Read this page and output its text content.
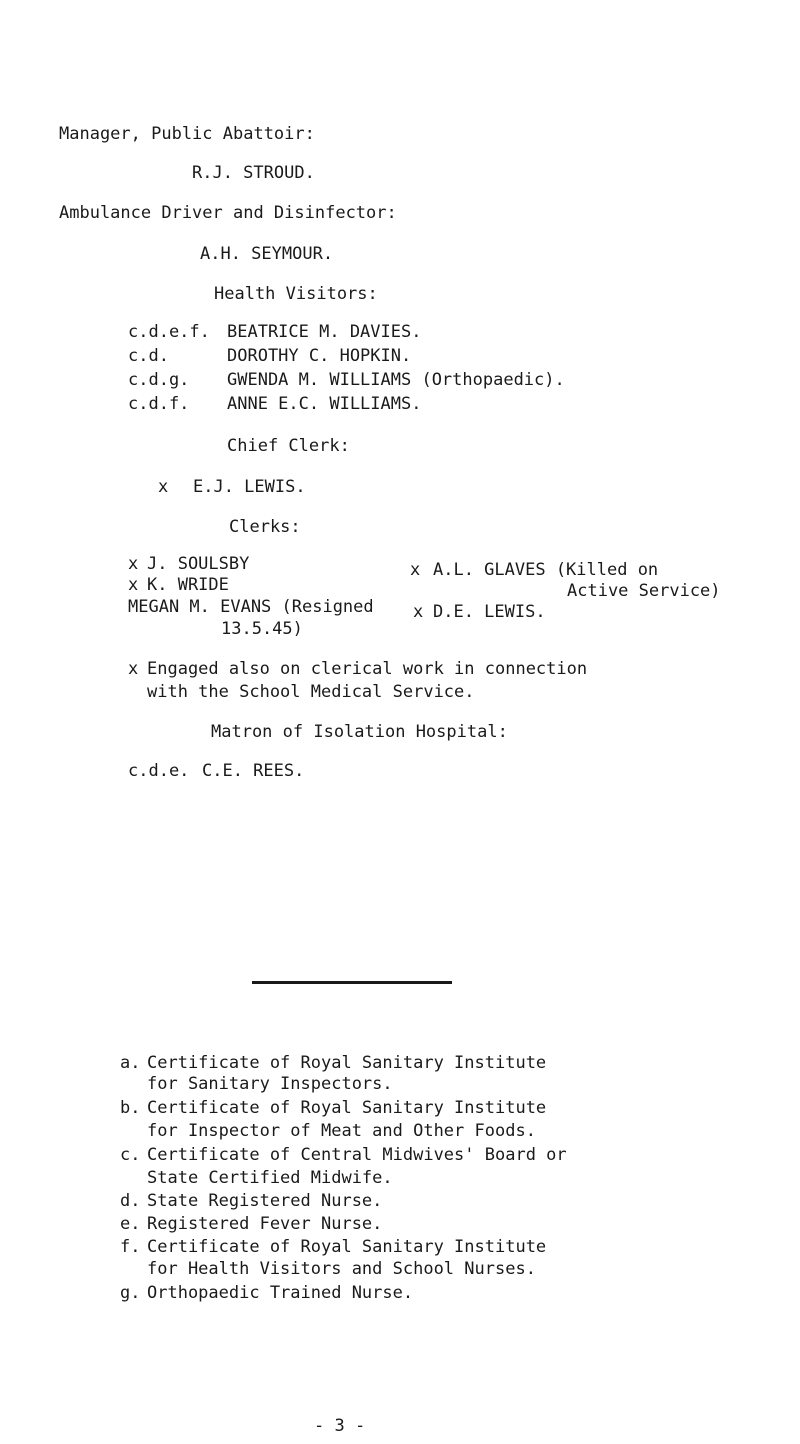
Manager, Public Abattoir:
R.J. STROUD.
Ambulance Driver and Disinfector:
A.H. SEYMOUR.
Health Visitors:
c.d.e.f. BEATRICE M. DAVIES.
c.d.	DOROTHY C. HOPKIN.
c.d.g. GWENDA M. WILLIAMS (Orthopaedic).
c.d.f. ANNE E.C. WILLIAMS.
Chief Clerk:
x E.J. LEWIS.
Clerks:
x J. SOULSBY
x K. WRIDE
MEGAN M. EVANS (Resigned
13.5.45)
x A.L. GLAVES (Killed on
Active Service)
x D.E. LEWIS.
x Engaged also on clerical work in connection
with the School Medical Service.
Matron of Isolation Hospital:
c.d.e. C.E. REES.
a. Certificate of Royal Sanitary Institute
for Sanitary Inspectors.
b. Certificate of Royal Sanitary Institute
for Inspector of Meat and Other Foods.
c. Certificate of Central Midwives' Board or
State Certified Midwife.
d. State Registered Nurse.
e. Registered Fever Nurse.
f. Certificate of Royal Sanitary Institute
for Health Visitors and School Nurses.
g. Orthopaedic Trained Nurse.
- 3 -
